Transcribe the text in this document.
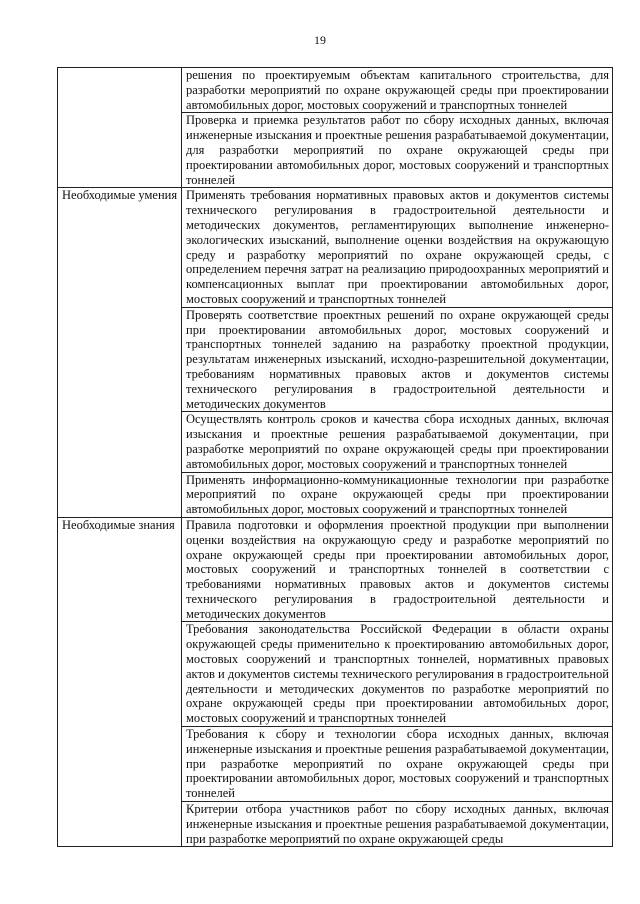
19
	решения по проектируемым объектам капитального строительства, для разработки мероприятий по охране окружающей среды при проектировании автомобильных дорог, мостовых сооружений и транспортных тоннелей
	Проверка и приемка результатов работ по сбору исходных данных, включая инженерные изыскания и проектные решения разрабатываемой документации, для разработки мероприятий по охране окружающей среды при проектировании автомобильных дорог, мостовых сооружений и транспортных тоннелей
Необходимые умения	Применять требования нормативных правовых актов и документов системы технического регулирования в градостроительной деятельности и методических документов, регламентирующих выполнение инженерно-экологических изысканий, выполнение оценки воздействия на окружающую среду и разработку мероприятий по охране окружающей среды, с определением перечня затрат на реализацию природоохранных мероприятий и компенсационных выплат при проектировании автомобильных дорог, мостовых сооружений и транспортных тоннелей
	Проверять соответствие проектных решений по охране окружающей среды при проектировании автомобильных дорог, мостовых сооружений и транспортных тоннелей заданию на разработку проектной продукции, результатам инженерных изысканий, исходно-разрешительной документации, требованиям нормативных правовых актов и документов системы технического регулирования в градостроительной деятельности и методических документов
	Осуществлять контроль сроков и качества сбора исходных данных, включая изыскания и проектные решения разрабатываемой документации, при разработке мероприятий по охране окружающей среды при проектировании автомобильных дорог, мостовых сооружений и транспортных тоннелей
	Применять информационно-коммуникационные технологии при разработке мероприятий по охране окружающей среды при проектировании автомобильных дорог, мостовых сооружений и транспортных тоннелей
Необходимые знания	Правила подготовки и оформления проектной продукции при выполнении оценки воздействия на окружающую среду и разработке мероприятий по охране окружающей среды при проектировании автомобильных дорог, мостовых сооружений и транспортных тоннелей в соответствии с требованиями нормативных правовых актов и документов системы технического регулирования в градостроительной деятельности и методических документов
	Требования законодательства Российской Федерации в области охраны окружающей среды применительно к проектированию автомобильных дорог, мостовых сооружений и транспортных тоннелей, нормативных правовых актов и документов системы технического регулирования в градостроительной деятельности и методических документов по разработке мероприятий по охране окружающей среды при проектировании автомобильных дорог, мостовых сооружений и транспортных тоннелей
	Требования к сбору и технологии сбора исходных данных, включая инженерные изыскания и проектные решения разрабатываемой документации, при разработке мероприятий по охране окружающей среды при проектировании автомобильных дорог, мостовых сооружений и транспортных тоннелей
	Критерии отбора участников работ по сбору исходных данных, включая инженерные изыскания и проектные решения разрабатываемой документации, при разработке мероприятий по охране окружающей среды
